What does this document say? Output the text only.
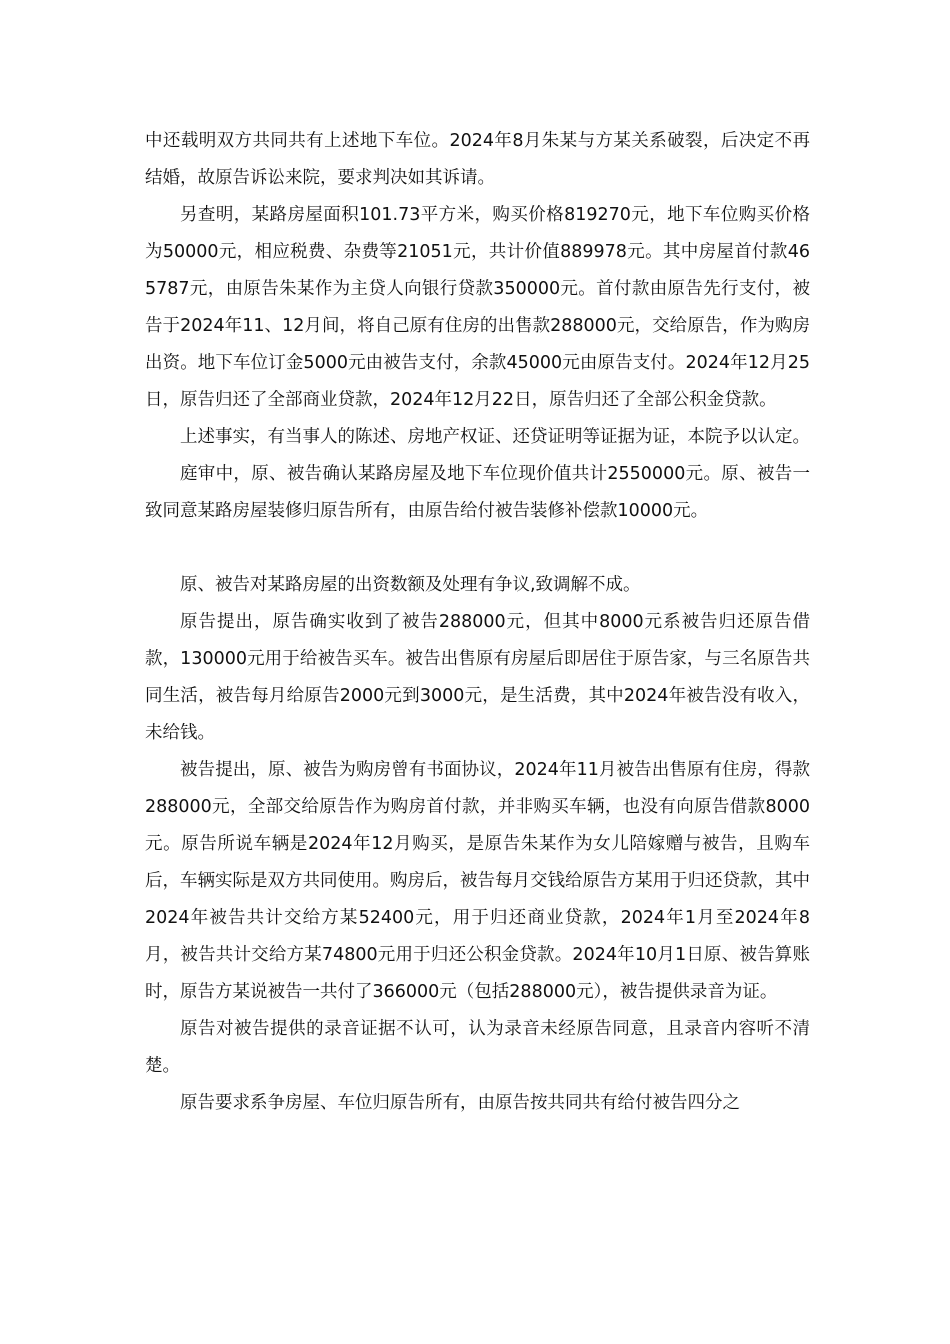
中还载明双方共同共有上述地下车位。2024年8月朱某与方某关系破裂，后决定不再结婚，故原告诉讼来院，要求判决如其诉请。

另查明，某路房屋面积101.73平方米，购买价格819270元，地下车位购买价格为50000元，相应税费、杂费等21051元，共计价值889978元。其中房屋首付款465787元，由原告朱某作为主贷人向银行贷款350000元。首付款由原告先行支付，被告于2024年11、12月间，将自己原有住房的出售款288000元，交给原告，作为购房出资。地下车位订金5000元由被告支付，余款45000元由原告支付。2024年12月25日，原告归还了全部商业贷款，2024年12月22日，原告归还了全部公积金贷款。

上述事实，有当事人的陈述、房地产权证、还贷证明等证据为证，本院予以认定。

庭审中，原、被告确认某路房屋及地下车位现价值共计2550000元。原、被告一致同意某路房屋装修归原告所有，由原告给付被告装修补偿款10000元。

原、被告对某路房屋的出资数额及处理有争议,致调解不成。

原告提出，原告确实收到了被告288000元，但其中8000元系被告归还原告借款，130000元用于给被告买车。被告出售原有房屋后即居住于原告家，与三名原告共同生活，被告每月给原告2000元到3000元，是生活费，其中2024年被告没有收入，未给钱。

被告提出，原、被告为购房曾有书面协议，2024年11月被告出售原有住房，得款288000元，全部交给原告作为购房首付款，并非购买车辆，也没有向原告借款8000元。原告所说车辆是2024年12月购买，是原告朱某作为女儿陪嫁赠与被告，且购车后，车辆实际是双方共同使用。购房后，被告每月交钱给原告方某用于归还贷款，其中2024年被告共计交给方某52400元，用于归还商业贷款，2024年1月至2024年8月，被告共计交给方某74800元用于归还公积金贷款。2024年10月1日原、被告算账时，原告方某说被告一共付了366000元（包括288000元），被告提供录音为证。

原告对被告提供的录音证据不认可，认为录音未经原告同意，且录音内容听不清楚。

原告要求系争房屋、车位归原告所有，由原告按共同共有给付被告四分之
